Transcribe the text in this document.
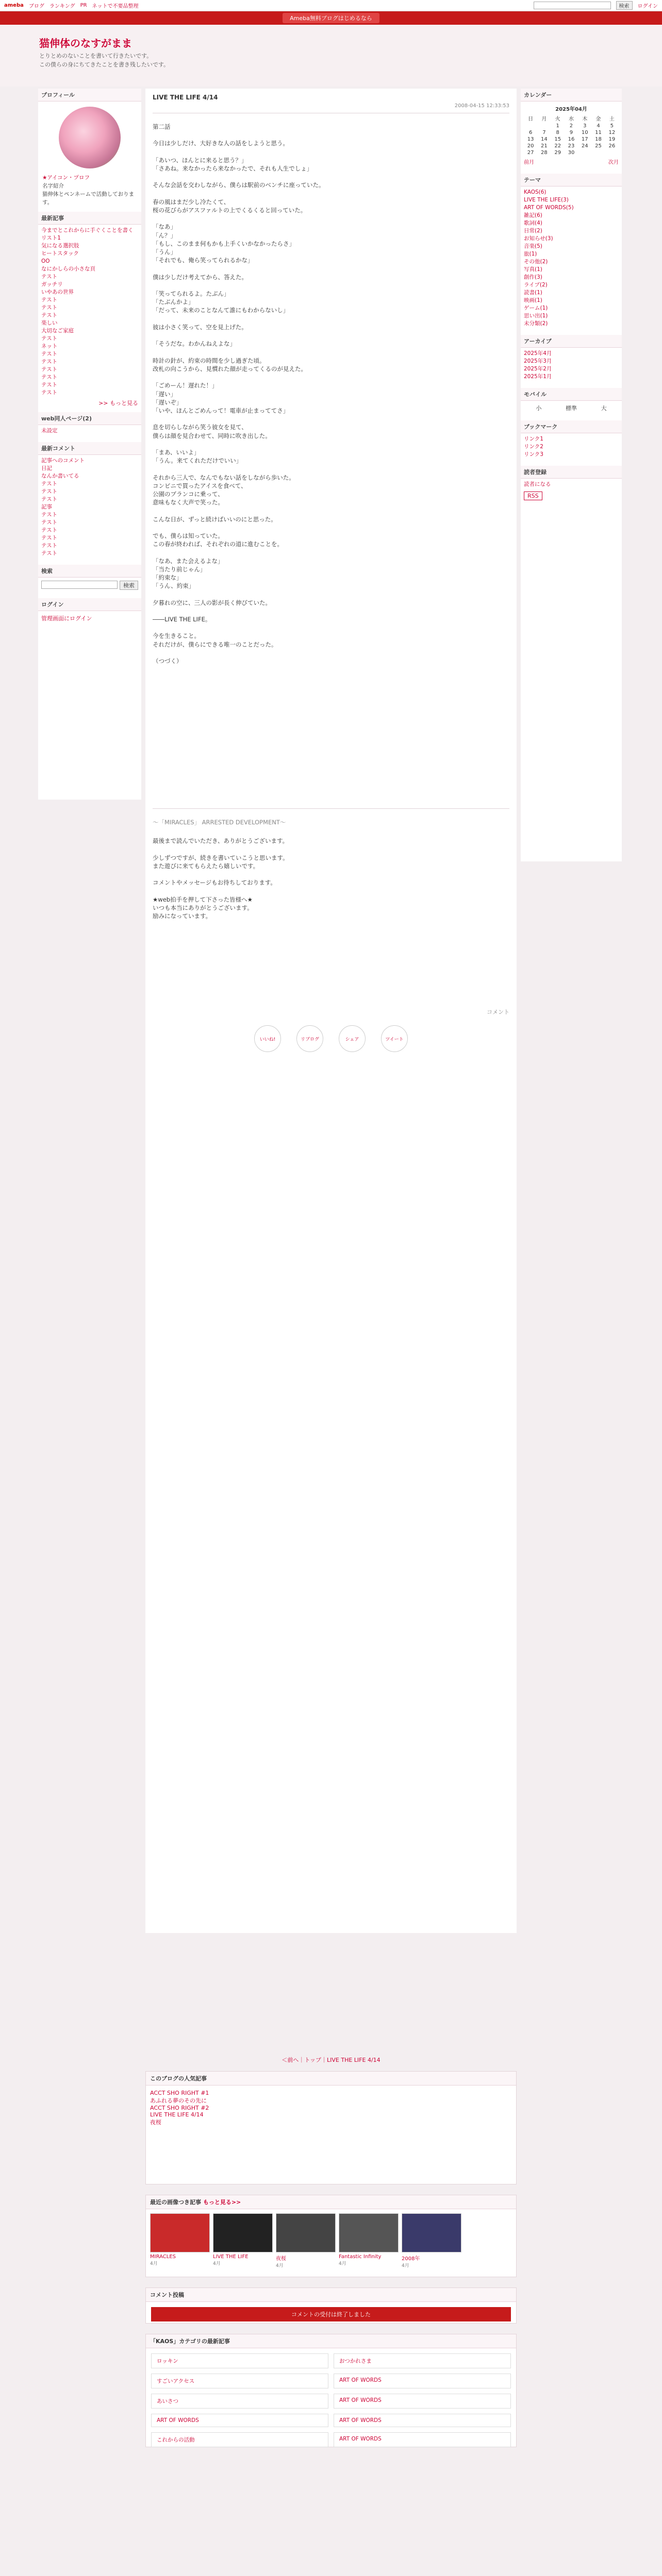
ameba ブログ ランキング PR ネットで不要品整理	検索	ログイン
Ameba無料ブログはじめるなら
猫伸体のなすがまま

とりとめのないことを書いて行きたいです。
この僕らの身にちてきたことを書き残したいです。

プロフィール
★アイコン・プロフ
名字紹介
猫伸体とペンネームで活動しております。
最新記事
今までとこれからに手ぐくことを書く
リスト1
気になる選択肢
ヒートスタック
OO
なにかしらの小さな頁
テスト
ガッチリ
いやあの世界
テスト
テスト
テスト
楽しい
大切なご家庭
テスト
ネット
テスト
テスト
テスト
テスト
テスト
テスト
>> もっと見る
web同人ページ(2)
未設定
最新コメント
記事へのコメント
日記
なんか書いてる
テスト
テスト
テスト
記事
テスト
テスト
テスト
テスト
テスト
テスト
検索
検索
ログイン
管理画面にログイン
LIVE THE LIFE 4/14
2008-04-15 12:33:53
第二話

今日は少しだけ、大好きな人の話をしようと思う。

「あいつ、ほんとに来ると思う？」
「さあね。来なかったら来なかったで、それも人生でしょ」

そんな会話を交わしながら、僕らは駅前のベンチに座っていた。

春の風はまだ少し冷たくて、
桜の花びらがアスファルトの上でくるくると回っていた。

「なあ」
「ん？」
「もし、このまま何もかも上手くいかなかったらさ」
「うん」
「それでも、俺ら笑ってられるかな」

僕は少しだけ考えてから、答えた。

「笑ってられるよ。たぶん」
「たぶんかよ」
「だって、未来のことなんて誰にもわからないし」

彼は小さく笑って、空を見上げた。

「そうだな。わかんねえよな」

時計の針が、約束の時間を少し過ぎた頃。
改札の向こうから、見慣れた顔が走ってくるのが見えた。

「ごめーん！遅れた！」
「遅い」
「遅いぞ」
「いや、ほんとごめんって！電車が止まっててさ」

息を切らしながら笑う彼女を見て、
僕らは顔を見合わせて、同時に吹き出した。

「まあ、いいよ」
「うん。来てくれただけでいい」

それから三人で、なんでもない話をしながら歩いた。
コンビニで買ったアイスを食べて、
公園のブランコに乗って、
意味もなく大声で笑った。

こんな日が、ずっと続けばいいのにと思った。

でも、僕らは知っていた。
この春が終われば、それぞれの道に進むことを。

「なあ、また会えるよな」
「当たり前じゃん」
「約束な」
「うん、約束」

夕暮れの空に、三人の影が長く伸びていた。

――LIVE THE LIFE。

今を生きること。
それだけが、僕らにできる唯一のことだった。

（つづく）
～「MIRACLES」 ARRESTED DEVELOPMENT～
最後まで読んでいただき、ありがとうございます。

少しずつですが、続きを書いていこうと思います。
また遊びに来てもらえたら嬉しいです。

コメントやメッセージもお待ちしております。

★web拍手を押して下さった皆様へ★
いつも本当にありがとうございます。
励みになっています。
コメント
いいね!	リブログ	シェア	ツイート
カレンダー
2025年04月
日	月	火	水	木	金	土
		1	2	3	4	5
6	7	8	9	10	11	12
13	14	15	16	17	18	19
20	21	22	23	24	25	26
27	28	29	30			
前月	次月
テーマ
KAOS(6)
LIVE THE LIFE(3)
ART OF WORDS(5)
雑記(6)
歌詞(4)
日常(2)
お知らせ(3)
音楽(5)
旅(1)
その他(2)
写真(1)
創作(3)
ライブ(2)
読書(1)
映画(1)
ゲーム(1)
思い出(1)
未分類(2)
アーカイブ
2025年4月
2025年3月
2025年2月
2025年1月
モバイル
小	標準	大
ブックマーク
リンク1
リンク2
リンク3
読者登録
読者になる
RSS
＜前へ｜トップ｜LIVE THE LIFE 4/14
このブログの人気記事
ACCT SHO RIGHT #1
あふれる夢のその先に
ACCT SHO RIGHT #2
LIVE THE LIFE 4/14
夜桜
最近の画像つき記事 もっと見る>>

MIRACLES

4月

LIVE THE LIFE

4月

夜桜

4月

Fantastic Infinity

4月

2008年

4月
コメント投稿
コメントの受付は終了しました
「KAOS」カテゴリの最新記事
ロッキン	おつかれさま
すごいアクセス	ART OF WORDS
あいさつ	ART OF WORDS
ART OF WORDS	ART OF WORDS
これからの活動	ART OF WORDS
